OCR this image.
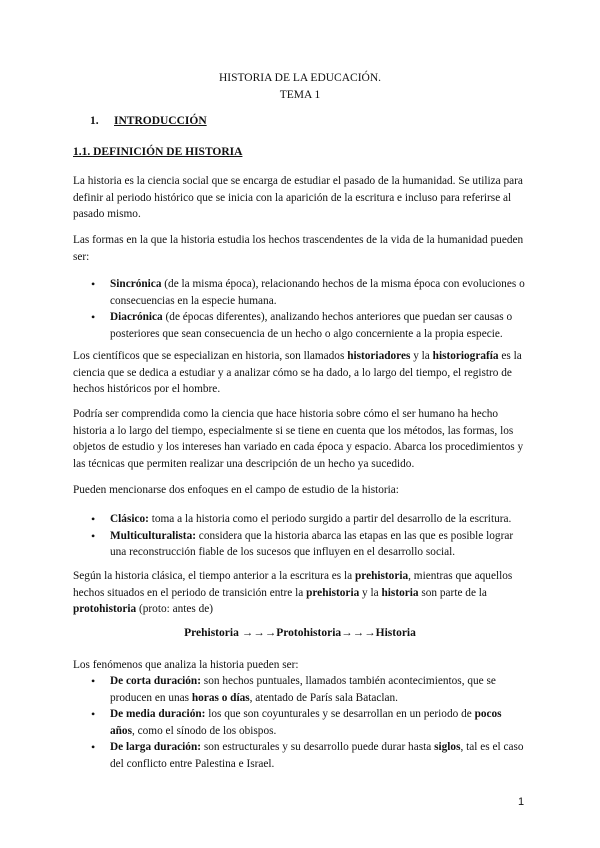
HISTORIA DE LA EDUCACIÓN.
TEMA 1
1. INTRODUCCIÓN
1.1. DEFINICIÓN DE HISTORIA

La historia es la ciencia social que se encarga de estudiar el pasado de la humanidad. Se utiliza para definir al periodo histórico que se inicia con la aparición de la escritura e incluso para referirse al pasado mismo.

Las formas en la que la historia estudia los hechos trascendentes de la vida de la humanidad pueden ser:

• Sincrónica (de la misma época), relacionando hechos de la misma época con evoluciones o consecuencias en la especie humana.
• Diacrónica (de épocas diferentes), analizando hechos anteriores que puedan ser causas o posteriores que sean consecuencia de un hecho o algo concerniente a la propia especie.

Los científicos que se especializan en historia, son llamados historiadores y la historiografía es la ciencia que se dedica a estudiar y a analizar cómo se ha dado, a lo largo del tiempo, el registro de hechos históricos por el hombre.

Podría ser comprendida como la ciencia que hace historia sobre cómo el ser humano ha hecho historia a lo largo del tiempo, especialmente si se tiene en cuenta que los métodos, las formas, los objetos de estudio y los intereses han variado en cada época y espacio. Abarca los procedimientos y las técnicas que permiten realizar una descripción de un hecho ya sucedido.

Pueden mencionarse dos enfoques en el campo de estudio de la historia:

• Clásico: toma a la historia como el periodo surgido a partir del desarrollo de la escritura.
• Multiculturalista: considera que la historia abarca las etapas en las que es posible lograr una reconstrucción fiable de los sucesos que influyen en el desarrollo social.

Según la historia clásica, el tiempo anterior a la escritura es la prehistoria, mientras que aquellos hechos situados en el periodo de transición entre la prehistoria y la historia son parte de la protohistoria (proto: antes de)

Prehistoria →→→Protohistoria→→→Historia

Los fenómenos que analiza la historia pueden ser:

• De corta duración: son hechos puntuales, llamados también acontecimientos, que se producen en unas horas o días, atentado de París sala Bataclan.
• De media duración: los que son coyunturales y se desarrollan en un periodo de pocos años, como el sínodo de los obispos.
• De larga duración: son estructurales y su desarrollo puede durar hasta siglos, tal es el caso del conflicto entre Palestina e Israel.
1
